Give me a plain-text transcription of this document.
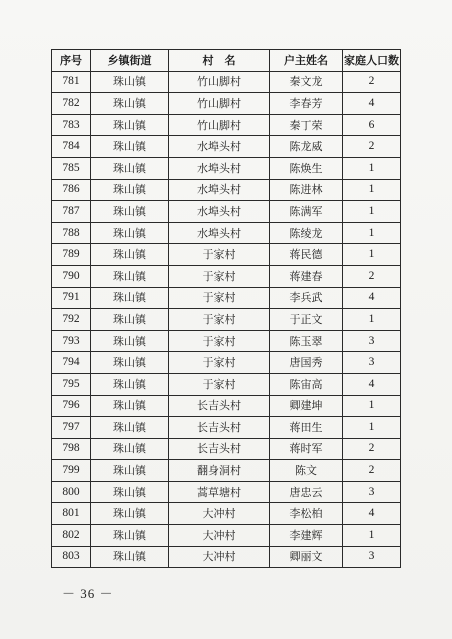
序号	乡镇街道	村　名	户主姓名	家庭人口数
781	珠山镇	竹山脚村	秦文龙	2
782	珠山镇	竹山脚村	李春芳	4
783	珠山镇	竹山脚村	秦丁荣	6
784	珠山镇	水埠头村	陈龙威	2
785	珠山镇	水埠头村	陈焕生	1
786	珠山镇	水埠头村	陈进林	1
787	珠山镇	水埠头村	陈满军	1
788	珠山镇	水埠头村	陈绫龙	1
789	珠山镇	于家村	蒋民德	1
790	珠山镇	于家村	蒋建春	2
791	珠山镇	于家村	李兵武	4
792	珠山镇	于家村	于正文	1
793	珠山镇	于家村	陈玉翠	3
794	珠山镇	于家村	唐国秀	3
795	珠山镇	于家村	陈宙高	4
796	珠山镇	长吉头村	卿建坤	1
797	珠山镇	长吉头村	蒋田生	1
798	珠山镇	长吉头村	蒋时军	2
799	珠山镇	翻身洞村	陈文	2
800	珠山镇	蒿草塘村	唐忠云	3
801	珠山镇	大冲村	李松柏	4
802	珠山镇	大冲村	李建辉	1
803	珠山镇	大冲村	卿丽文	3
－ 36 －
